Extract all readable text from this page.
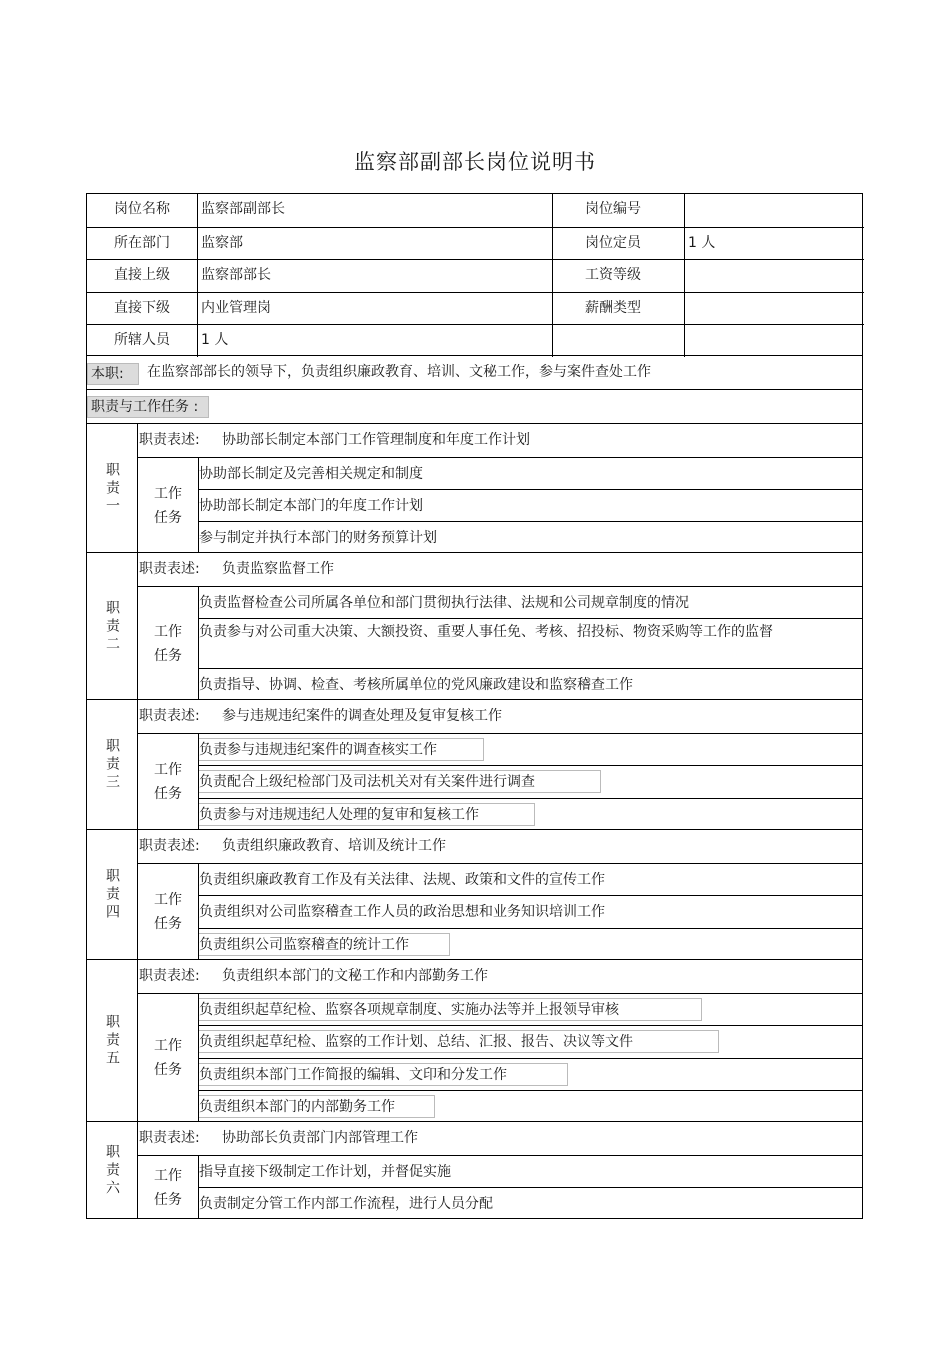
监察部副部长岗位说明书
岗位名称	监察部副部长	岗位编号
所在部门	监察部	岗位定员	1 人
直接上级	监察部部长	工资等级
直接下级	内业管理岗	薪酬类型
所辖人员	1 人
本职:	在监察部部长的领导下，负责组织廉政教育、培训、文秘工作，参与案件查处工作
职责与工作任务 :
职责一
职责表述: 协助部长制定本部门工作管理制度和年度工作计划
工作任务
协助部长制定及完善相关规定和制度
协助部长制定本部门的年度工作计划
参与制定并执行本部门的财务预算计划
职责二
职责表述: 负责监察监督工作
工作任务
负责监督检查公司所属各单位和部门贯彻执行法律、法规和公司规章制度的情况
负责参与对公司重大决策、大额投资、重要人事任免、考核、招投标、物资采购等工作的监督
负责指导、协调、检查、考核所属单位的党风廉政建设和监察稽查工作
职责三
职责表述: 参与违规违纪案件的调查处理及复审复核工作
工作任务
负责参与违规违纪案件的调查核实工作
负责配合上级纪检部门及司法机关对有关案件进行调查
负责参与对违规违纪人处理的复审和复核工作
职责四
职责表述: 负责组织廉政教育、培训及统计工作
工作任务
负责组织廉政教育工作及有关法律、法规、政策和文件的宣传工作
负责组织对公司监察稽查工作人员的政治思想和业务知识培训工作
负责组织公司监察稽查的统计工作
职责五
职责表述: 负责组织本部门的文秘工作和内部勤务工作
工作任务
负责组织起草纪检、监察各项规章制度、实施办法等并上报领导审核
负责组织起草纪检、监察的工作计划、总结、汇报、报告、决议等文件
负责组织本部门工作简报的编辑、文印和分发工作
负责组织本部门的内部勤务工作
职责六
职责表述: 协助部长负责部门内部管理工作
工作任务
指导直接下级制定工作计划，并督促实施
负责制定分管工作内部工作流程，进行人员分配
